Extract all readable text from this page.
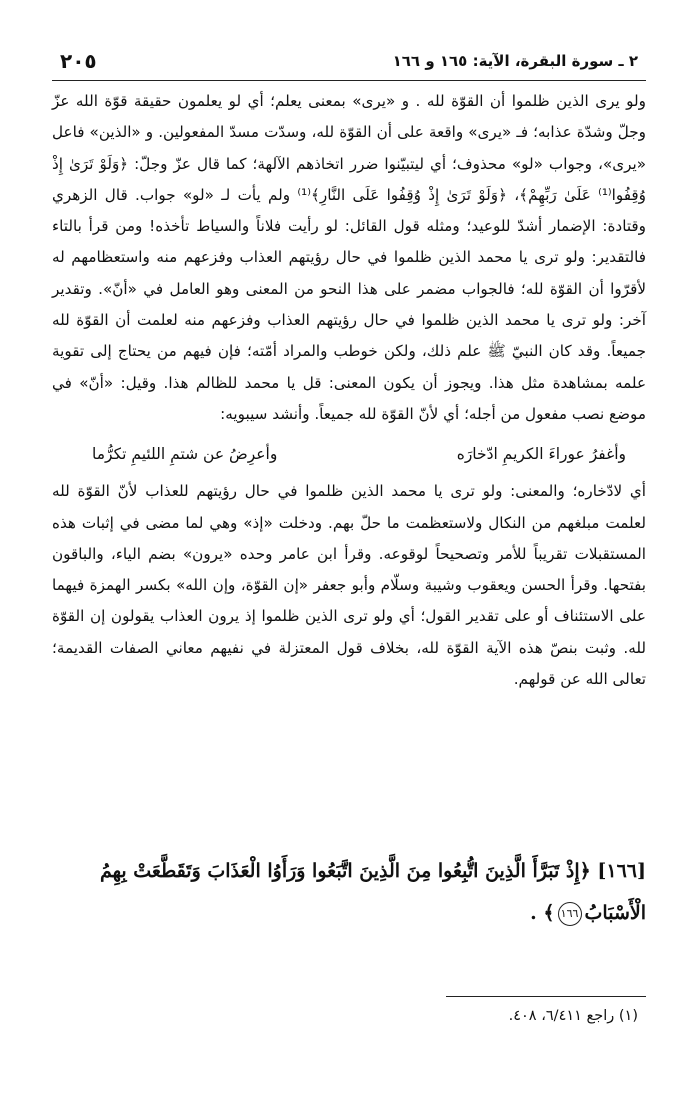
٢ ـ سورة البقرة، الآية: ١٦٥ و ١٦٦
٢٠٥

ولو يرى الذين ظلموا أن القوّة لله . و «يرى» بمعنى يعلم؛ أي لو يعلمون حقيقة قوّة الله عزّ وجلّ وشدّة عذابه؛ فـ «يرى» واقعة على أن القوّة لله، وسدّت مسدّ المفعولين. و «الذين» فاعل «يرى»، وجواب «لو» محذوف؛ أي ليتبيّنوا ضرر اتخاذهم الآلهة؛ كما قال عزّ وجلّ: ﴿وَلَوْ تَرَىٰ إِذْ وُقِفُوا⁽¹⁾ عَلَىٰ رَبِّهِمْ﴾، ﴿وَلَوْ تَرَىٰ إِذْ وُقِفُوا عَلَى النَّارِ﴾⁽¹⁾ ولم يأت لـ «لو» جواب. قال الزهري وقتادة: الإضمار أشدّ للوعيد؛ ومثله قول القائل: لو رأيت فلاناً والسياط تأخذه! ومن قرأ بالتاء فالتقدير: ولو ترى يا محمد الذين ظلموا في حال رؤيتهم العذاب وفزعهم منه واستعظامهم له لأقرّوا أن القوّة لله؛ فالجواب مضمر على هذا النحو من المعنى وهو العامل في «أنّ». وتقدير آخر: ولو ترى يا محمد الذين ظلموا في حال رؤيتهم العذاب وفزعهم منه لعلمت أن القوّة لله جميعاً. وقد كان النبيّ ﷺ علم ذلك، ولكن خوطب والمراد أمّته؛ فإن فيهم من يحتاج إلى تقوية علمه بمشاهدة مثل هذا. ويجوز أن يكون المعنى: قل يا محمد للظالم هذا. وقيل: «أنّ» في موضع نصب مفعول من أجله؛ أي لأنّ القوّة لله جميعاً. وأنشد سيبويه:

وأغفرُ عوراءَ الكريمِ ادّخارَه
وأعرِضُ عن شتمِ اللئيمِ تكرُّما

أي لادّخاره؛ والمعنى: ولو ترى يا محمد الذين ظلموا في حال رؤيتهم للعذاب لأنّ القوّة لله لعلمت مبلغهم من النكال ولاستعظمت ما حلّ بهم. ودخلت «إذ» وهي لما مضى في إثبات هذه المستقبلات تقريباً للأمر وتصحيحاً لوقوعه. وقرأ ابن عامر وحده «يرون» بضم الياء، والباقون بفتحها. وقرأ الحسن ويعقوب وشيبة وسلّام وأبو جعفر «إن القوّة، وإن الله» بكسر الهمزة فيهما على الاستئناف أو على تقدير القول؛ أي ولو ترى الذين ظلموا إذ يرون العذاب يقولون إن القوّة لله. وثبت بنصّ هذه الآية القوّة لله، بخلاف قول المعتزلة في نفيهم معاني الصفات القديمة؛ تعالى الله عن قولهم.

[١٦٦] ﴿إِذْ تَبَرَّأَ الَّذِينَ اتُّبِعُوا مِنَ الَّذِينَ اتَّبَعُوا وَرَأَوُا الْعَذَابَ وَتَقَطَّعَتْ بِهِمُ الْأَسْبَابُ١٦٦﴾ .
(١) راجع ٦/٤١١، ٤٠٨.
